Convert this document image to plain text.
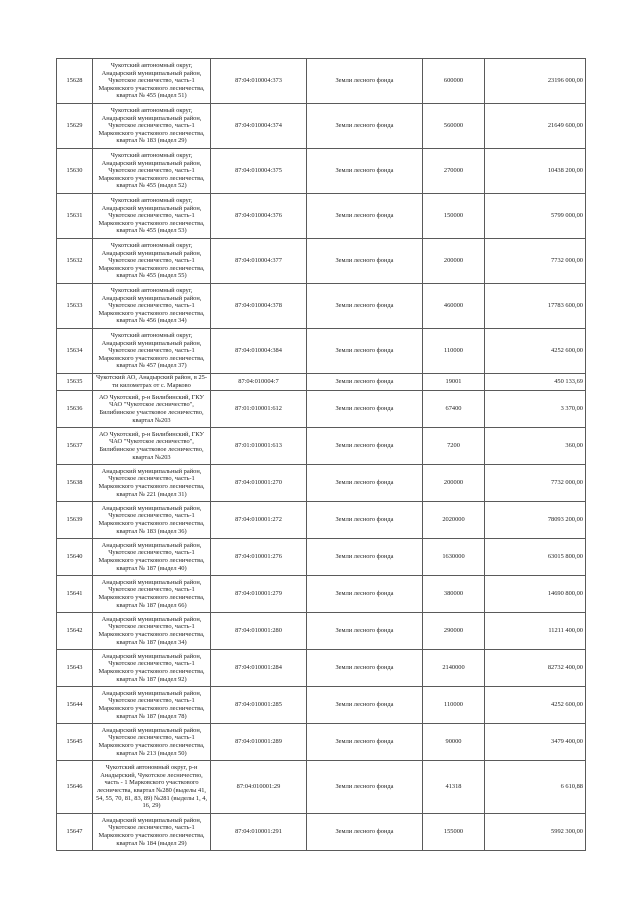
15628	Чукотский автономный округ, Анадырский муниципальный район, Чукотское лесничество, часть-1 Марковского участкового лесничества, квартал № 455 (выдел 51)	87:04:010004:373	Земли лесного фонда	600000	23196 000,00
15629	Чукотский автономный округ, Анадырский муниципальный район, Чукотское лесничество, часть-1 Марковского участкового лесничества, квартал № 183 (выдел 29)	87:04:010004:374	Земли лесного фонда	560000	21649 600,00
15630	Чукотский автономный округ, Анадырский муниципальный район, Чукотское лесничество, часть-1 Марковского участкового лесничества, квартал № 455 (выдел 52)	87:04:010004:375	Земли лесного фонда	270000	10438 200,00
15631	Чукотский автономный округ, Анадырский муниципальный район, Чукотское лесничество, часть-1 Марковского участкового лесничества, квартал № 455 (выдел 53)	87:04:010004:376	Земли лесного фонда	150000	5799 000,00
15632	Чукотский автономный округ, Анадырский муниципальный район, Чукотское лесничество, часть-1 Марковского участкового лесничества, квартал № 455 (выдел 55)	87:04:010004:377	Земли лесного фонда	200000	7732 000,00
15633	Чукотский автономный округ, Анадырский муниципальный район, Чукотское лесничество, часть-1 Марковского участкового лесничества, квартал № 456 (выдел 34)	87:04:010004:378	Земли лесного фонда	460000	17783 600,00
15634	Чукотский автономный округ, Анадырский муниципальный район, Чукотское лесничество, часть-1 Марковского участкового лесничества, квартал № 457 (выдел 37)	87:04:010004:384	Земли лесного фонда	110000	4252 600,00
15635	Чукотский АО, Анадырский район, в 25-ти километрах от с. Марково	87:04:010004:7	Земли лесного фонда	19001	450 133,69
15636	АО Чукотский, р-н Билибинский, ГКУ ЧАО "Чукотское лесничество", Билибинское участковое лесничество, квартал №203	87:01:010001:612	Земли лесного фонда	67400	3 370,00
15637	АО Чукотский, р-н Билибинский, ГКУ ЧАО "Чукотское лесничество", Билибинское участковое лесничество, квартал №203	87:01:010001:613	Земли лесного фонда	7200	360,00
15638	Анадырский муниципальный район, Чукотское лесничество, часть-1 Марковского участкового лесничества, квартал № 221 (выдел 31)	87:04:010001:270	Земли лесного фонда	200000	7732 000,00
15639	Анадырский муниципальный район, Чукотское лесничество, часть-1 Марковского участкового лесничества, квартал № 183 (выдел 36)	87:04:010001:272	Земли лесного фонда	2020000	78093 200,00
15640	Анадырский муниципальный район, Чукотское лесничество, часть-1 Марковского участкового лесничества, квартал № 187 (выдел 40)	87:04:010001:276	Земли лесного фонда	1630000	63015 800,00
15641	Анадырский муниципальный район, Чукотское лесничество, часть-1 Марковского участкового лесничества, квартал № 187 (выдел 66)	87:04:010001:279	Земли лесного фонда	380000	14690 800,00
15642	Анадырский муниципальный район, Чукотское лесничество, часть-1 Марковского участкового лесничества, квартал № 187 (выдел 34)	87:04:010001:280	Земли лесного фонда	290000	11211 400,00
15643	Анадырский муниципальный район, Чукотское лесничество, часть-1 Марковского участкового лесничества, квартал № 187 (выдел 92)	87:04:010001:284	Земли лесного фонда	2140000	82732 400,00
15644	Анадырский муниципальный район, Чукотское лесничество, часть-1 Марковского участкового лесничества, квартал № 187 (выдел 78)	87:04:010001:285	Земли лесного фонда	110000	4252 600,00
15645	Анадырский муниципальный район, Чукотское лесничество, часть-1 Марковского участкового лесничества, квартал № 213 (выдел 50)	87:04:010001:289	Земли лесного фонда	90000	3479 400,00
15646	Чукотский автономный округ, р-н Анадырский, Чукотское лесничество, часть - 1 Марковского участкового лесничества, квартал №280 (выделы 41, 54, 55, 70, 81, 83, 89) №281 (выделы 1, 4, 16, 29)	87:04:010001:29	Земли лесного фонда	41318	6 610,88
15647	Анадырский муниципальный район, Чукотское лесничество, часть-1 Марковского участкового лесничества, квартал № 184 (выдел 29)	87:04:010001:291	Земли лесного фонда	155000	5992 300,00
